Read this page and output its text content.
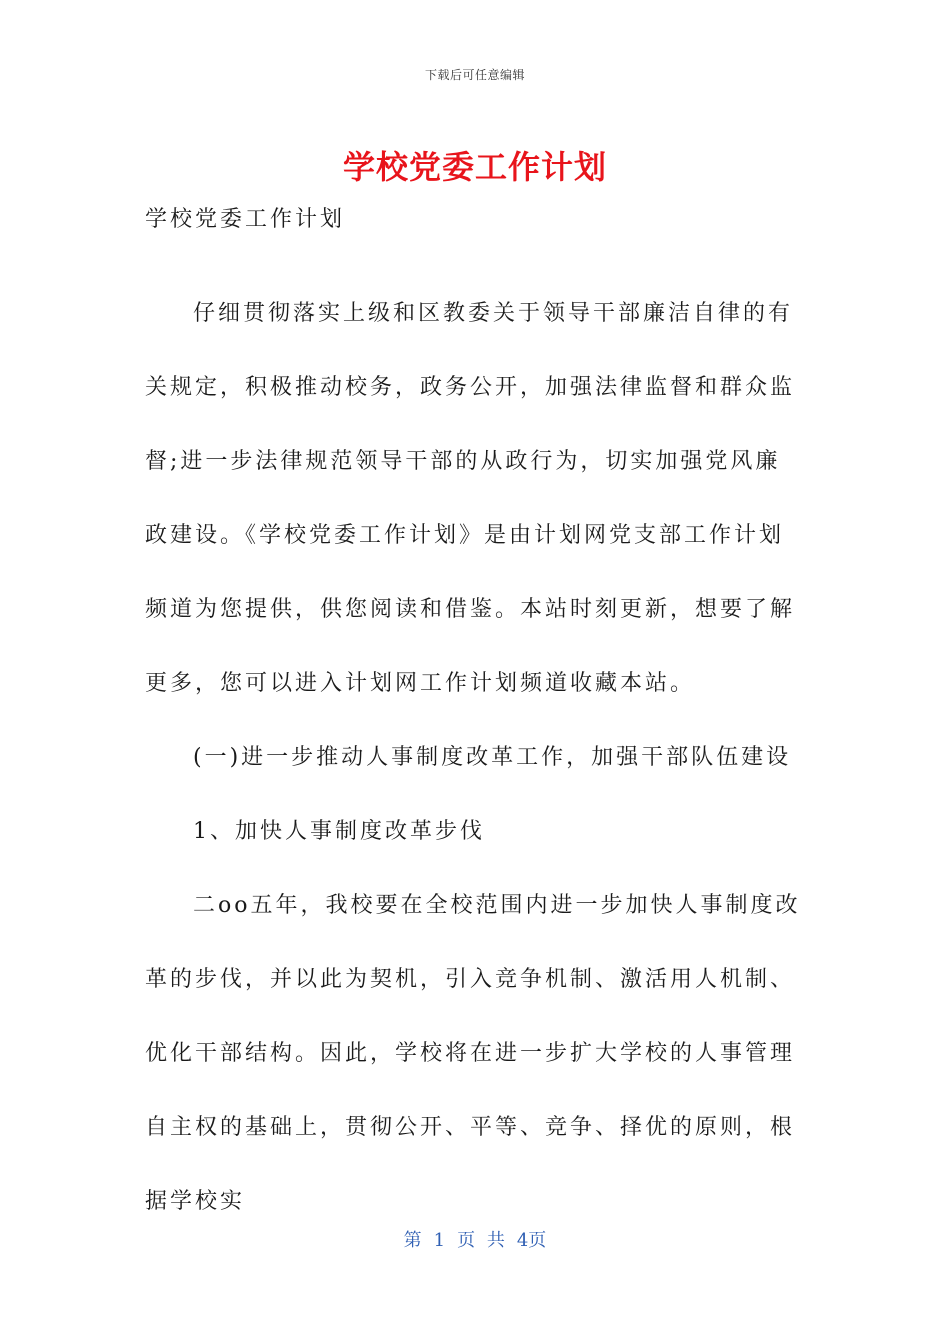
下载后可任意编辑
学校党委工作计划

学校党委工作计划

仔细贯彻落实上级和区教委关于领导干部廉洁自律的有关规定，积极推动校务，政务公开，加强法律监督和群众监督;进一步法律规范领导干部的从政行为，切实加强党风廉政建设。《学校党委工作计划》是由计划网党支部工作计划频道为您提供，供您阅读和借鉴。本站时刻更新，想要了解更多，您可以进入计划网工作计划频道收藏本站。

(一)进一步推动人事制度改革工作，加强干部队伍建设

1、加快人事制度改革步伐

二oo五年，我校要在全校范围内进一步加快人事制度改革的步伐，并以此为契机，引入竞争机制、激活用人机制、优化干部结构。因此，学校将在进一步扩大学校的人事管理自主权的基础上，贯彻公开、平等、竞争、择优的原则，根据学校实

第 1 页 共 4页
